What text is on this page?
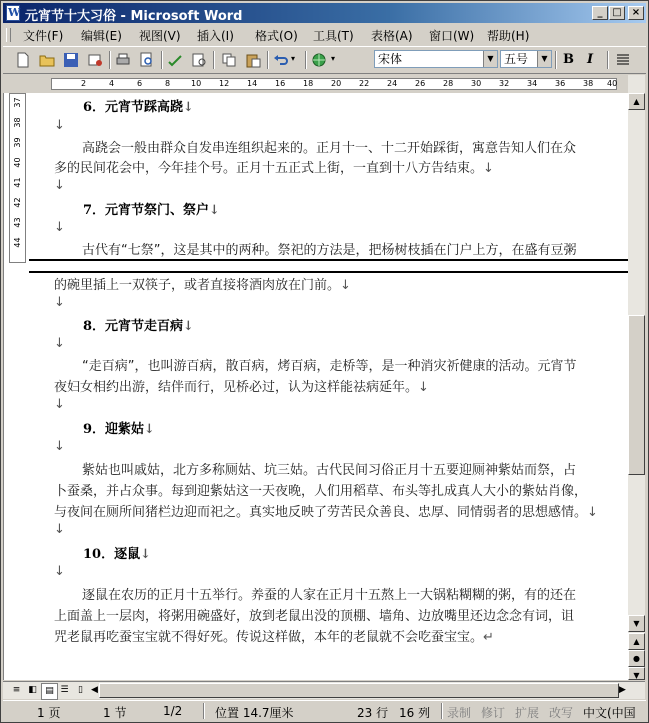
W
元宵节十大习俗 - Microsoft Word	_ □	×
文件(F) 编辑(E) 视图(V) 插入(I) 格式(O) 工具(T) 表格(A) 窗口(W) 帮助(H)
▾	▾	宋体	▼ 五号	▼ B I
2	4	6	8	10 12 14 16 18 20 22 24 26 28 30 32 34 36 38 40
37
38
39
40
41
42
43
44
6．元宵节踩高跷↓
↓
高跷会一般由群众自发串连组织起来的。正月十一、十二开始踩街，寓意告知人们在众
多的民间花会中，今年挂个号。正月十五正式上街，一直到十八方告结束。↓
↓
7．元宵节祭门、祭户↓
↓
古代有“七祭”，这是其中的两种。祭祀的方法是，把杨树枝插在门户上方，在盛有豆粥
的碗里插上一双筷子，或者直接将酒肉放在门前。↓
↓
8．元宵节走百病↓
↓
“走百病”，也叫游百病，散百病，烤百病，走桥等，是一种消灾祈健康的活动。元宵节
夜妇女相约出游，结伴而行，见桥必过，认为这样能祛病延年。↓
↓
9．迎紫姑↓
↓
紫姑也叫戚姑，北方多称厕姑、坑三姑。古代民间习俗正月十五要迎厕神紫姑而祭，占
卜蚕桑，并占众事。每到迎紫姑这一天夜晚，人们用稻草、布头等扎成真人大小的紫姑肖像，
与夜间在厕所间猪栏边迎而祀之。真实地反映了劳苦民众善良、忠厚、同情弱者的思想感情。↓
↓
10．逐鼠↓
↓
逐鼠在农历的正月十五举行。养蚕的人家在正月十五熬上一大锅粘糊糊的粥，有的还在
上面盖上一层肉，将粥用碗盛好，放到老鼠出没的顶棚、墙角、边放嘴里还边念念有词，诅
咒老鼠再吃蚕宝宝就不得好死。传说这样做，本年的老鼠就不会吃蚕宝宝。↵
▲
▼
▲
●
▼
≡ ◧ ▤ ☰	▯ ◀	▶
1 页	1 节	1/2	位置 14.7厘米	23 行 16 列 录制 修订 扩展 改写 中文(中国
